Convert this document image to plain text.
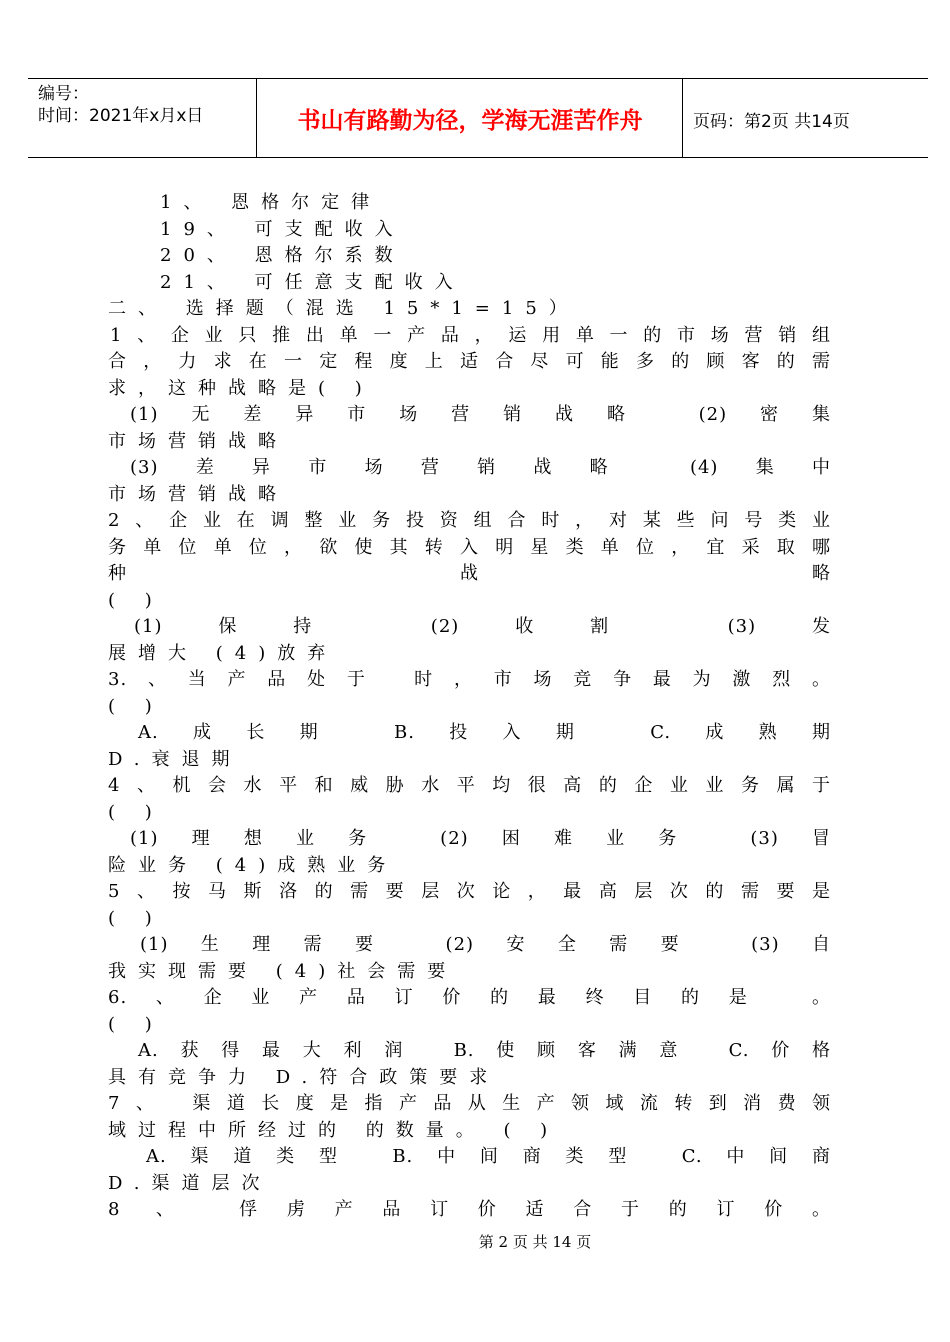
编号：
时间：2021年x月x日	书山有路勤为径，学海无涯苦作舟	页码：第2页 共14页
1、 恩格尔定律
19、 可支配收入
20、 恩格尔系数
21、 可任意支配收入
二、 选择题（混选 15*1=15）
1、企业只推出单一产品，运用单一的市场营销组
合，力求在一定程度上适合尽可能多的顾客的需
求，这种战略是( )
(1)无差异市场营销战略 (2)密集
市场营销战略
(3)差异市场营销战略 (4)集中
市场营销战略
2、企业在调整业务投资组合时，对某些问号类业
务单位单位，欲使其转入明星类单位，宜采取哪
种 战 略
( )
(1)保持 (2)收割 (3)发
展增大 (4)放弃
3.、当产品处于 时，市场竞争最为激烈。
( )
A.成长期 B.投入期 C.成熟期
D.衰退期
4、机会水平和威胁水平均很高的企业业务属于
( )
(1)理想业务 (2)困难业务 (3)冒
险业务 (4)成熟业务
5、按马斯洛的需要层次论，最高层次的需要是
( )
(1)生理需要 (2)安全需要 (3)自
我实现需要 (4)社会需要
6.、企业产品订价的最终目的是 。
( )
A.获得最大利润 B.使顾客满意 C.价格
具有竞争力 D.符合政策要求
7、 渠道长度是指产品从生产领域流转到消费领
域过程中所经过的 的数量。 ( )
A.渠道类型 B.中间商类型 C.中间商
D.渠道层次
8 、 俘虏产品订价适合于的订价。
第 2 页 共 14 页
